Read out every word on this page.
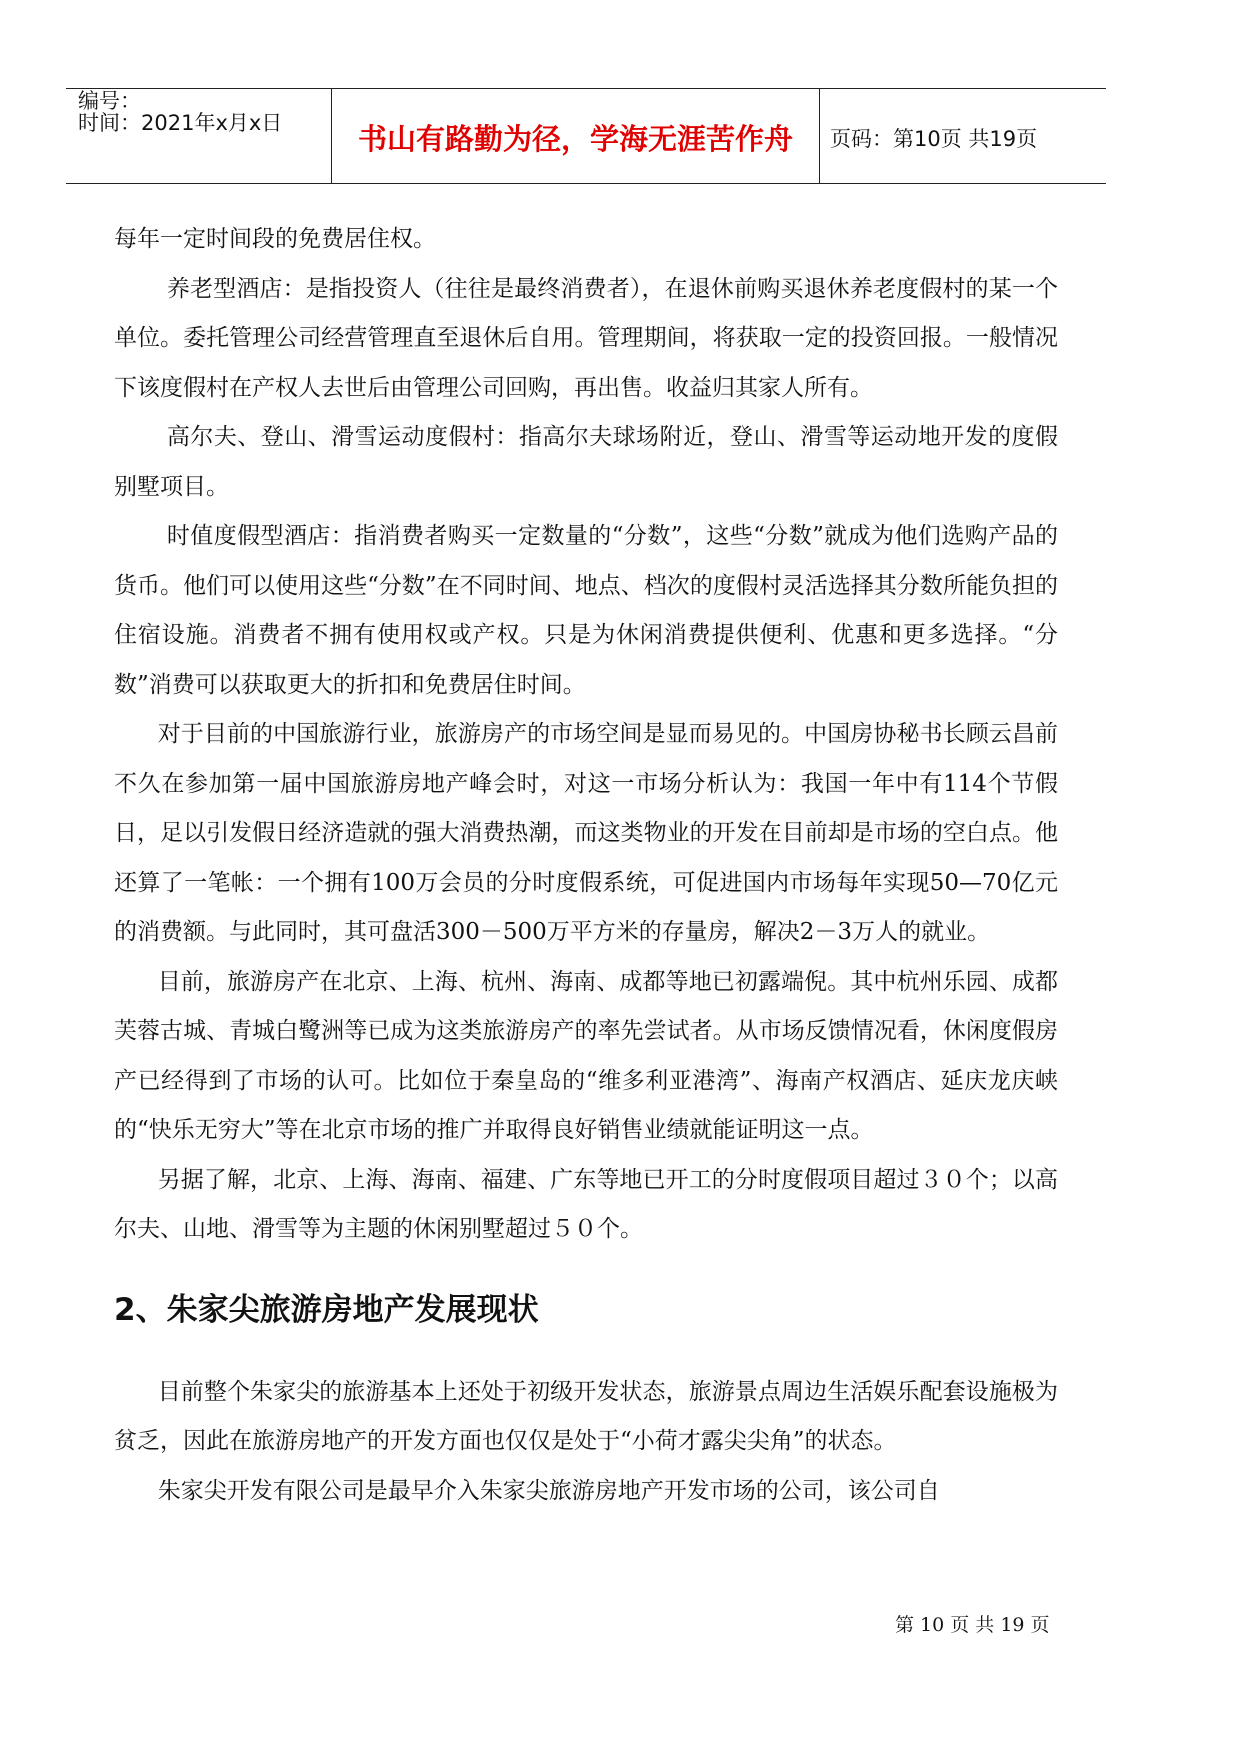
编号：
时间：2021年x月x日	书山有路勤为径，学海无涯苦作舟	页码：第10页 共19页

每年一定时间段的免费居住权。

养老型酒店：是指投资人（往往是最终消费者），在退休前购买退休养老度假村的某一个单位。委托管理公司经营管理直至退休后自用。管理期间，将获取一定的投资回报。一般情况下该度假村在产权人去世后由管理公司回购，再出售。收益归其家人所有。

高尔夫、登山、滑雪运动度假村：指高尔夫球场附近，登山、滑雪等运动地开发的度假别墅项目。

时值度假型酒店：指消费者购买一定数量的“分数”，这些“分数”就成为他们选购产品的货币。他们可以使用这些“分数”在不同时间、地点、档次的度假村灵活选择其分数所能负担的住宿设施。消费者不拥有使用权或产权。只是为休闲消费提供便利、优惠和更多选择。“分数”消费可以获取更大的折扣和免费居住时间。

对于目前的中国旅游行业，旅游房产的市场空间是显而易见的。中国房协秘书长顾云昌前不久在参加第一届中国旅游房地产峰会时，对这一市场分析认为：我国一年中有114个节假日，足以引发假日经济造就的强大消费热潮，而这类物业的开发在目前却是市场的空白点。他还算了一笔帐：一个拥有100万会员的分时度假系统，可促进国内市场每年实现50—70亿元的消费额。与此同时，其可盘活300－500万平方米的存量房，解决2－3万人的就业。

目前，旅游房产在北京、上海、杭州、海南、成都等地已初露端倪。其中杭州乐园、成都芙蓉古城、青城白鹭洲等已成为这类旅游房产的率先尝试者。从市场反馈情况看，休闲度假房产已经得到了市场的认可。比如位于秦皇岛的“维多利亚港湾”、海南产权酒店、延庆龙庆峡的“快乐无穷大”等在北京市场的推广并取得良好销售业绩就能证明这一点。

另据了解，北京、上海、海南、福建、广东等地已开工的分时度假项目超过３０个；以高尔夫、山地、滑雪等为主题的休闲别墅超过５０个。

2、朱家尖旅游房地产发展现状

目前整个朱家尖的旅游基本上还处于初级开发状态，旅游景点周边生活娱乐配套设施极为贫乏，因此在旅游房地产的开发方面也仅仅是处于“小荷才露尖尖角”的状态。

朱家尖开发有限公司是最早介入朱家尖旅游房地产开发市场的公司，该公司自

第 10 页 共 19 页
